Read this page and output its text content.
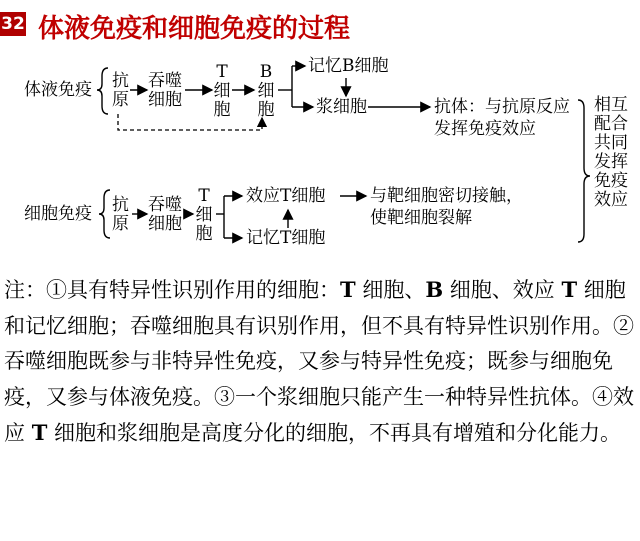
32 体液免疫和细胞免疫的过程
体液免疫 抗
原
吞噬
细胞
T
细
胞
B
细
胞
记忆B细胞
浆细胞	抗体：与抗原反应
发挥免疫效应
相互
配合
共同
发挥
免疫
效应
细胞免疫 抗
原
吞噬
细胞
T
细
胞
效应T细胞
记忆T细胞
与靶细胞密切接触，
使靶细胞裂解
注：①具有特异性识别作用的细胞：T 细胞、B 细胞、效应 T 细胞和记忆细胞；吞噬细胞具有识别作用，但不具有特异性识别作用。②吞噬细胞既参与非特异性免疫，又参与特异性免疫；既参与细胞免疫，又参与体液免疫。③一个浆细胞只能产生一种特异性抗体。④效应 T 细胞和浆细胞是高度分化的细胞，不再具有增殖和分化能力。
